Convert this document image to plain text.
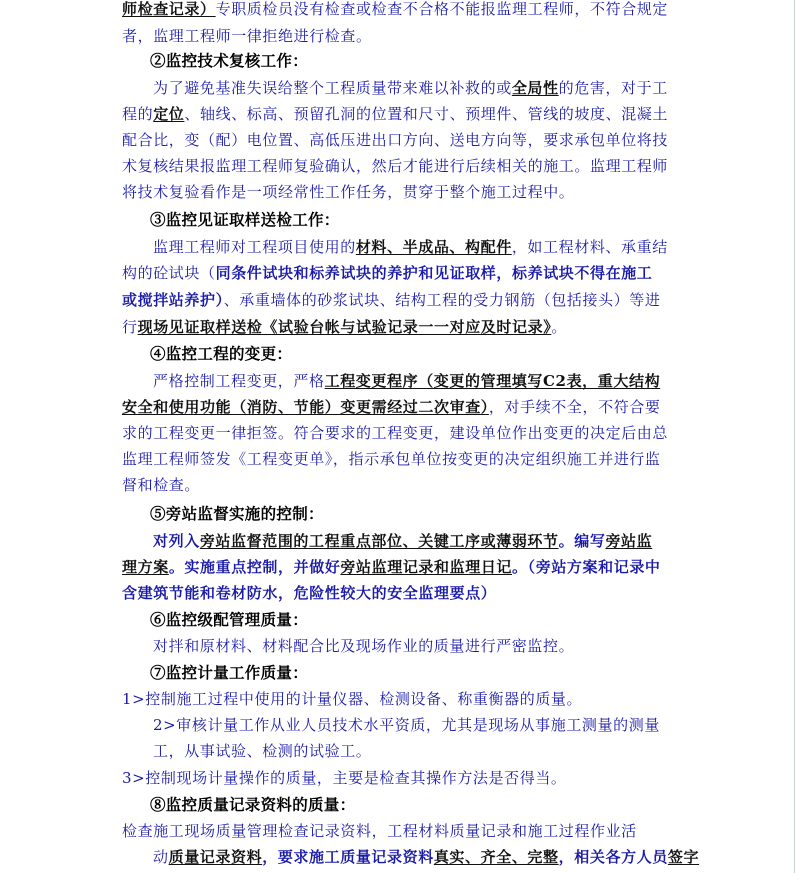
师检查记录）专职质检员没有检查或检查不合格不能报监理工程师，不符合规定
者，监理工程师一律拒绝进行检查。
②监控技术复核工作：
为了避免基准失误给整个工程质量带来难以补救的或全局性的危害，对于工
程的定位、轴线、标高、预留孔洞的位置和尺寸、预埋件、管线的坡度、混凝土
配合比，变（配）电位置、高低压进出口方向、送电方向等，要求承包单位将技
术复核结果报监理工程师复验确认，然后才能进行后续相关的施工。监理工程师
将技术复验看作是一项经常性工作任务，贯穿于整个施工过程中。
③监控见证取样送检工作：
监理工程师对工程项目使用的材料、半成品、构配件，如工程材料、承重结
构的砼试块（同条件试块和标养试块的养护和见证取样，标养试块不得在施工
或搅拌站养护）、承重墙体的砂浆试块、结构工程的受力钢筋（包括接头）等进
行现场见证取样送检《试验台帐与试验记录一一对应及时记录》。
④监控工程的变更：
严格控制工程变更，严格工程变更程序（变更的管理填写C2表，重大结构
安全和使用功能（消防、节能）变更需经过二次审查），对手续不全，不符合要
求的工程变更一律拒签。符合要求的工程变更，建设单位作出变更的决定后由总
监理工程师签发《工程变更单》，指示承包单位按变更的决定组织施工并进行监
督和检查。
⑤旁站监督实施的控制：
对列入旁站监督范围的工程重点部位、关键工序或薄弱环节。编写旁站监
理方案。实施重点控制，并做好旁站监理记录和监理日记。（旁站方案和记录中
含建筑节能和卷材防水，危险性较大的安全监理要点）
⑥监控级配管理质量：
对拌和原材料、材料配合比及现场作业的质量进行严密监控。
⑦监控计量工作质量：
1>控制施工过程中使用的计量仪器、检测设备、称重衡器的质量。
2>审核计量工作从业人员技术水平资质，尤其是现场从事施工测量的测量
工，从事试验、检测的试验工。
3>控制现场计量操作的质量，主要是检查其操作方法是否得当。
⑧监控质量记录资料的质量：
检查施工现场质量管理检查记录资料，工程材料质量记录和施工过程作业活
动质量记录资料，要求施工质量记录资料真实、齐全、完整，相关各方人员签字
